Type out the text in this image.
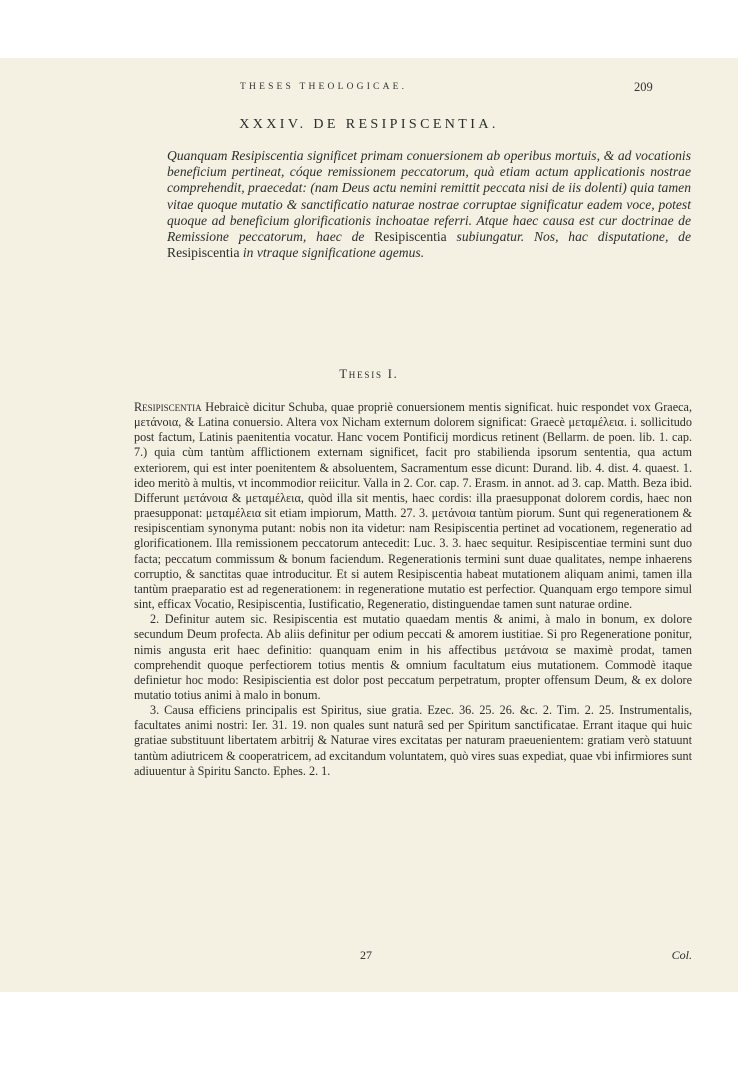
THESES THEOLOGICAE.	209
XXXIV. DE RESIPISCENTIA.
Quanquam Resipiscentia significet primam conuersionem ab operibus mortuis, & ad vocationis beneficium pertineat, cóque remissionem peccatorum, quà etiam actum applicationis nostrae comprehendit, praecedat: (nam Deus actu nemini remittit peccata nisi de iis dolenti) quia tamen vitae quoque mutatio & sanctificatio naturae nostrae corruptae significatur eadem voce, potest quoque ad beneficium glorificationis inchoatae referri. Atque haec causa est cur doctrinae de Remissione peccatorum, haec de Resipiscentia subiungatur. Nos, hac disputatione, de Resipiscentia in vtraque significatione agemus.
Thesis I.

Resipiscentia Hebraicè dicitur Schuba, quae propriè conuersionem mentis significat. huic respondet vox Graeca, μετάνοια, & Latina conuersio. Altera vox Nicham externum dolorem significat: Graecè μεταμέλεια. i. sollicitudo post factum, Latinis paenitentia vocatur. Hanc vocem Pontificij mordicus retinent (Bellarm. de poen. lib. 1. cap. 7.) quia cùm tantùm afflictionem externam significet, facit pro stabilienda ipsorum sententia, qua actum exteriorem, qui est inter poenitentem & absoluentem, Sacramentum esse dicunt: Durand. lib. 4. dist. 4. quaest. 1. ideo meritò à multis, vt incommodior reiicitur. Valla in 2. Cor. cap. 7. Erasm. in annot. ad 3. cap. Matth. Beza ibid. Differunt μετάνοια & μεταμέλεια, quòd illa sit mentis, haec cordis: illa praesupponat dolorem cordis, haec non praesupponat: μεταμέλεια sit etiam impiorum, Matth. 27. 3. μετάνοια tantùm piorum. Sunt qui regenerationem & resipiscentiam synonyma putant: nobis non ita videtur: nam Resipiscentia pertinet ad vocationem, regeneratio ad glorificationem. Illa remissionem peccatorum antecedit: Luc. 3. 3. haec sequitur. Resipiscentiae termini sunt duo facta; peccatum commissum & bonum faciendum. Regenerationis termini sunt duae qualitates, nempe inhaerens corruptio, & sanctitas quae introducitur. Et si autem Resipiscentia habeat mutationem aliquam animi, tamen illa tantùm praeparatio est ad regenerationem: in regeneratione mutatio est perfectior. Quanquam ergo tempore simul sint, efficax Vocatio, Resipiscentia, Iustificatio, Regeneratio, distinguendae tamen sunt naturae ordine.

2. Definitur autem sic. Resipiscentia est mutatio quaedam mentis & animi, à malo in bonum, ex dolore secundum Deum profecta. Ab aliis definitur per odium peccati & amorem iustitiae. Si pro Regeneratione ponitur, nimis angusta erit haec definitio: quanquam enim in his affectibus μετάνοια se maximè prodat, tamen comprehendit quoque perfectiorem totius mentis & omnium facultatum eius mutationem. Commodè itaque definietur hoc modo: Resipiscientia est dolor post peccatum perpetratum, propter offensum Deum, & ex dolore mutatio totius animi à malo in bonum.

3. Causa efficiens principalis est Spiritus, siue gratia. Ezec. 36. 25. 26. &c. 2. Tim. 2. 25. Instrumentalis, facultates animi nostri: Ier. 31. 19. non quales sunt naturâ sed per Spiritum sanctificatae. Errant itaque qui huic gratiae substituunt libertatem arbitrij & Naturae vires excitatas per naturam praeuenientem: gratiam verò statuunt tantùm adiutricem & cooperatricem, ad excitandum voluntatem, quò vires suas expediat, quae vbi infirmiores sunt adiuuentur à Spiritu Sancto. Ephes. 2. 1.

27	Col.
